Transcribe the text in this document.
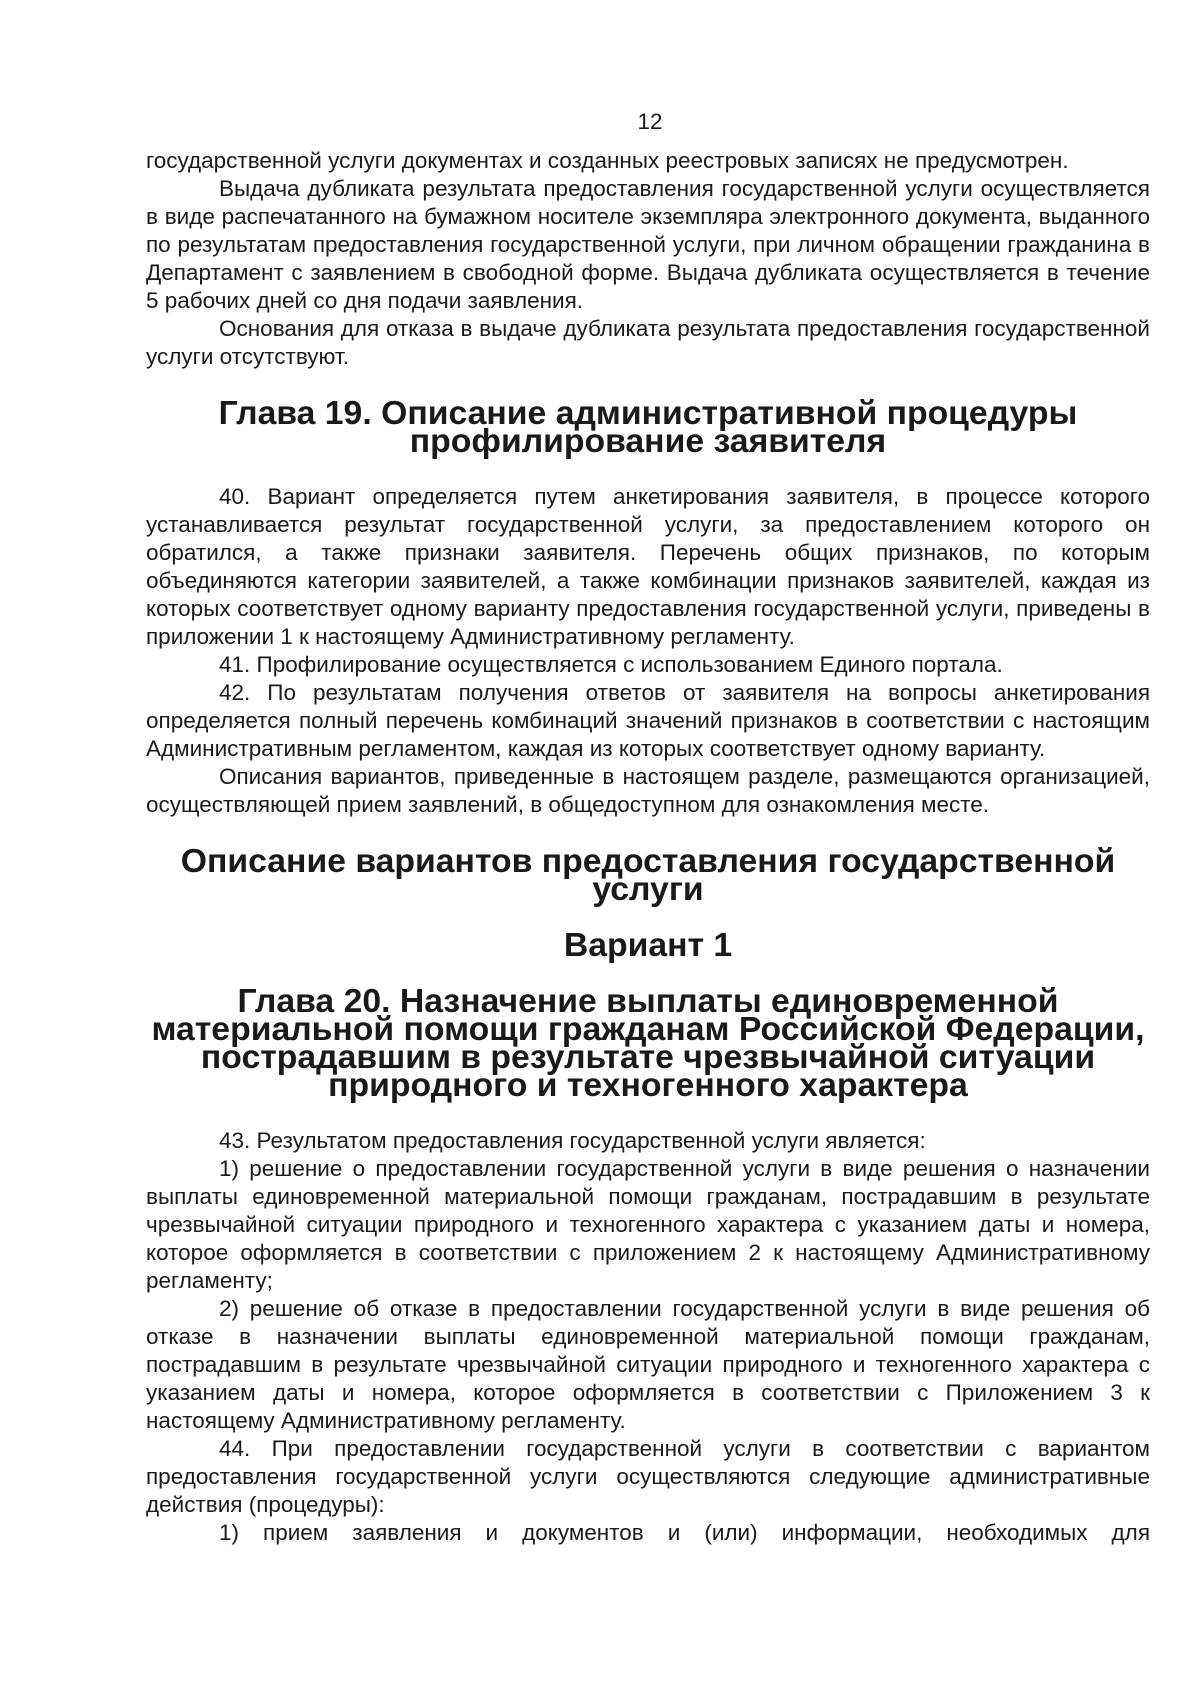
12

государственной услуги документах и созданных реестровых записях не предусмотрен.

Выдача дубликата результата предоставления государственной услуги осуществляется в виде распечатанного на бумажном носителе экземпляра электронного документа, выданного по результатам предоставления государственной услуги, при личном обращении гражданина в Департамент с заявлением в свободной форме. Выдача дубликата осуществляется в течение 5 рабочих дней со дня подачи заявления.

Основания для отказа в выдаче дубликата результата предоставления государственной услуги отсутствуют.

Глава 19. Описание административной процедуры профилирование заявителя

40. Вариант определяется путем анкетирования заявителя, в процессе которого устанавливается результат государственной услуги, за предоставлением которого он обратился, а также признаки заявителя. Перечень общих признаков, по которым объединяются категории заявителей, а также комбинации признаков заявителей, каждая из которых соответствует одному варианту предоставления государственной услуги, приведены в приложении 1 к настоящему Административному регламенту.

41. Профилирование осуществляется с использованием Единого портала.

42. По результатам получения ответов от заявителя на вопросы анкетирования определяется полный перечень комбинаций значений признаков в соответствии с настоящим Административным регламентом, каждая из которых соответствует одному варианту.

Описания вариантов, приведенные в настоящем разделе, размещаются организацией, осуществляющей прием заявлений, в общедоступном для ознакомления месте.

Описание вариантов предоставления государственной услуги
Вариант 1
Глава 20. Назначение выплаты единовременной материальной помощи гражданам Российской Федерации, пострадавшим в результате чрезвычайной ситуации природного и техногенного характера

43. Результатом предоставления государственной услуги является:

1) решение о предоставлении государственной услуги в виде решения о назначении выплаты единовременной материальной помощи гражданам, пострадавшим в результате чрезвычайной ситуации природного и техногенного характера с указанием даты и номера, которое оформляется в соответствии с приложением 2 к настоящему Административному регламенту;

2) решение об отказе в предоставлении государственной услуги в виде решения об отказе в назначении выплаты единовременной материальной помощи гражданам, пострадавшим в результате чрезвычайной ситуации природного и техногенного характера с указанием даты и номера, которое оформляется в соответствии с Приложением 3 к настоящему Административному регламенту.

44. При предоставлении государственной услуги в соответствии с вариантом предоставления государственной услуги осуществляются следующие административные действия (процедуры):

1) прием заявления и документов и (или) информации, необходимых для
